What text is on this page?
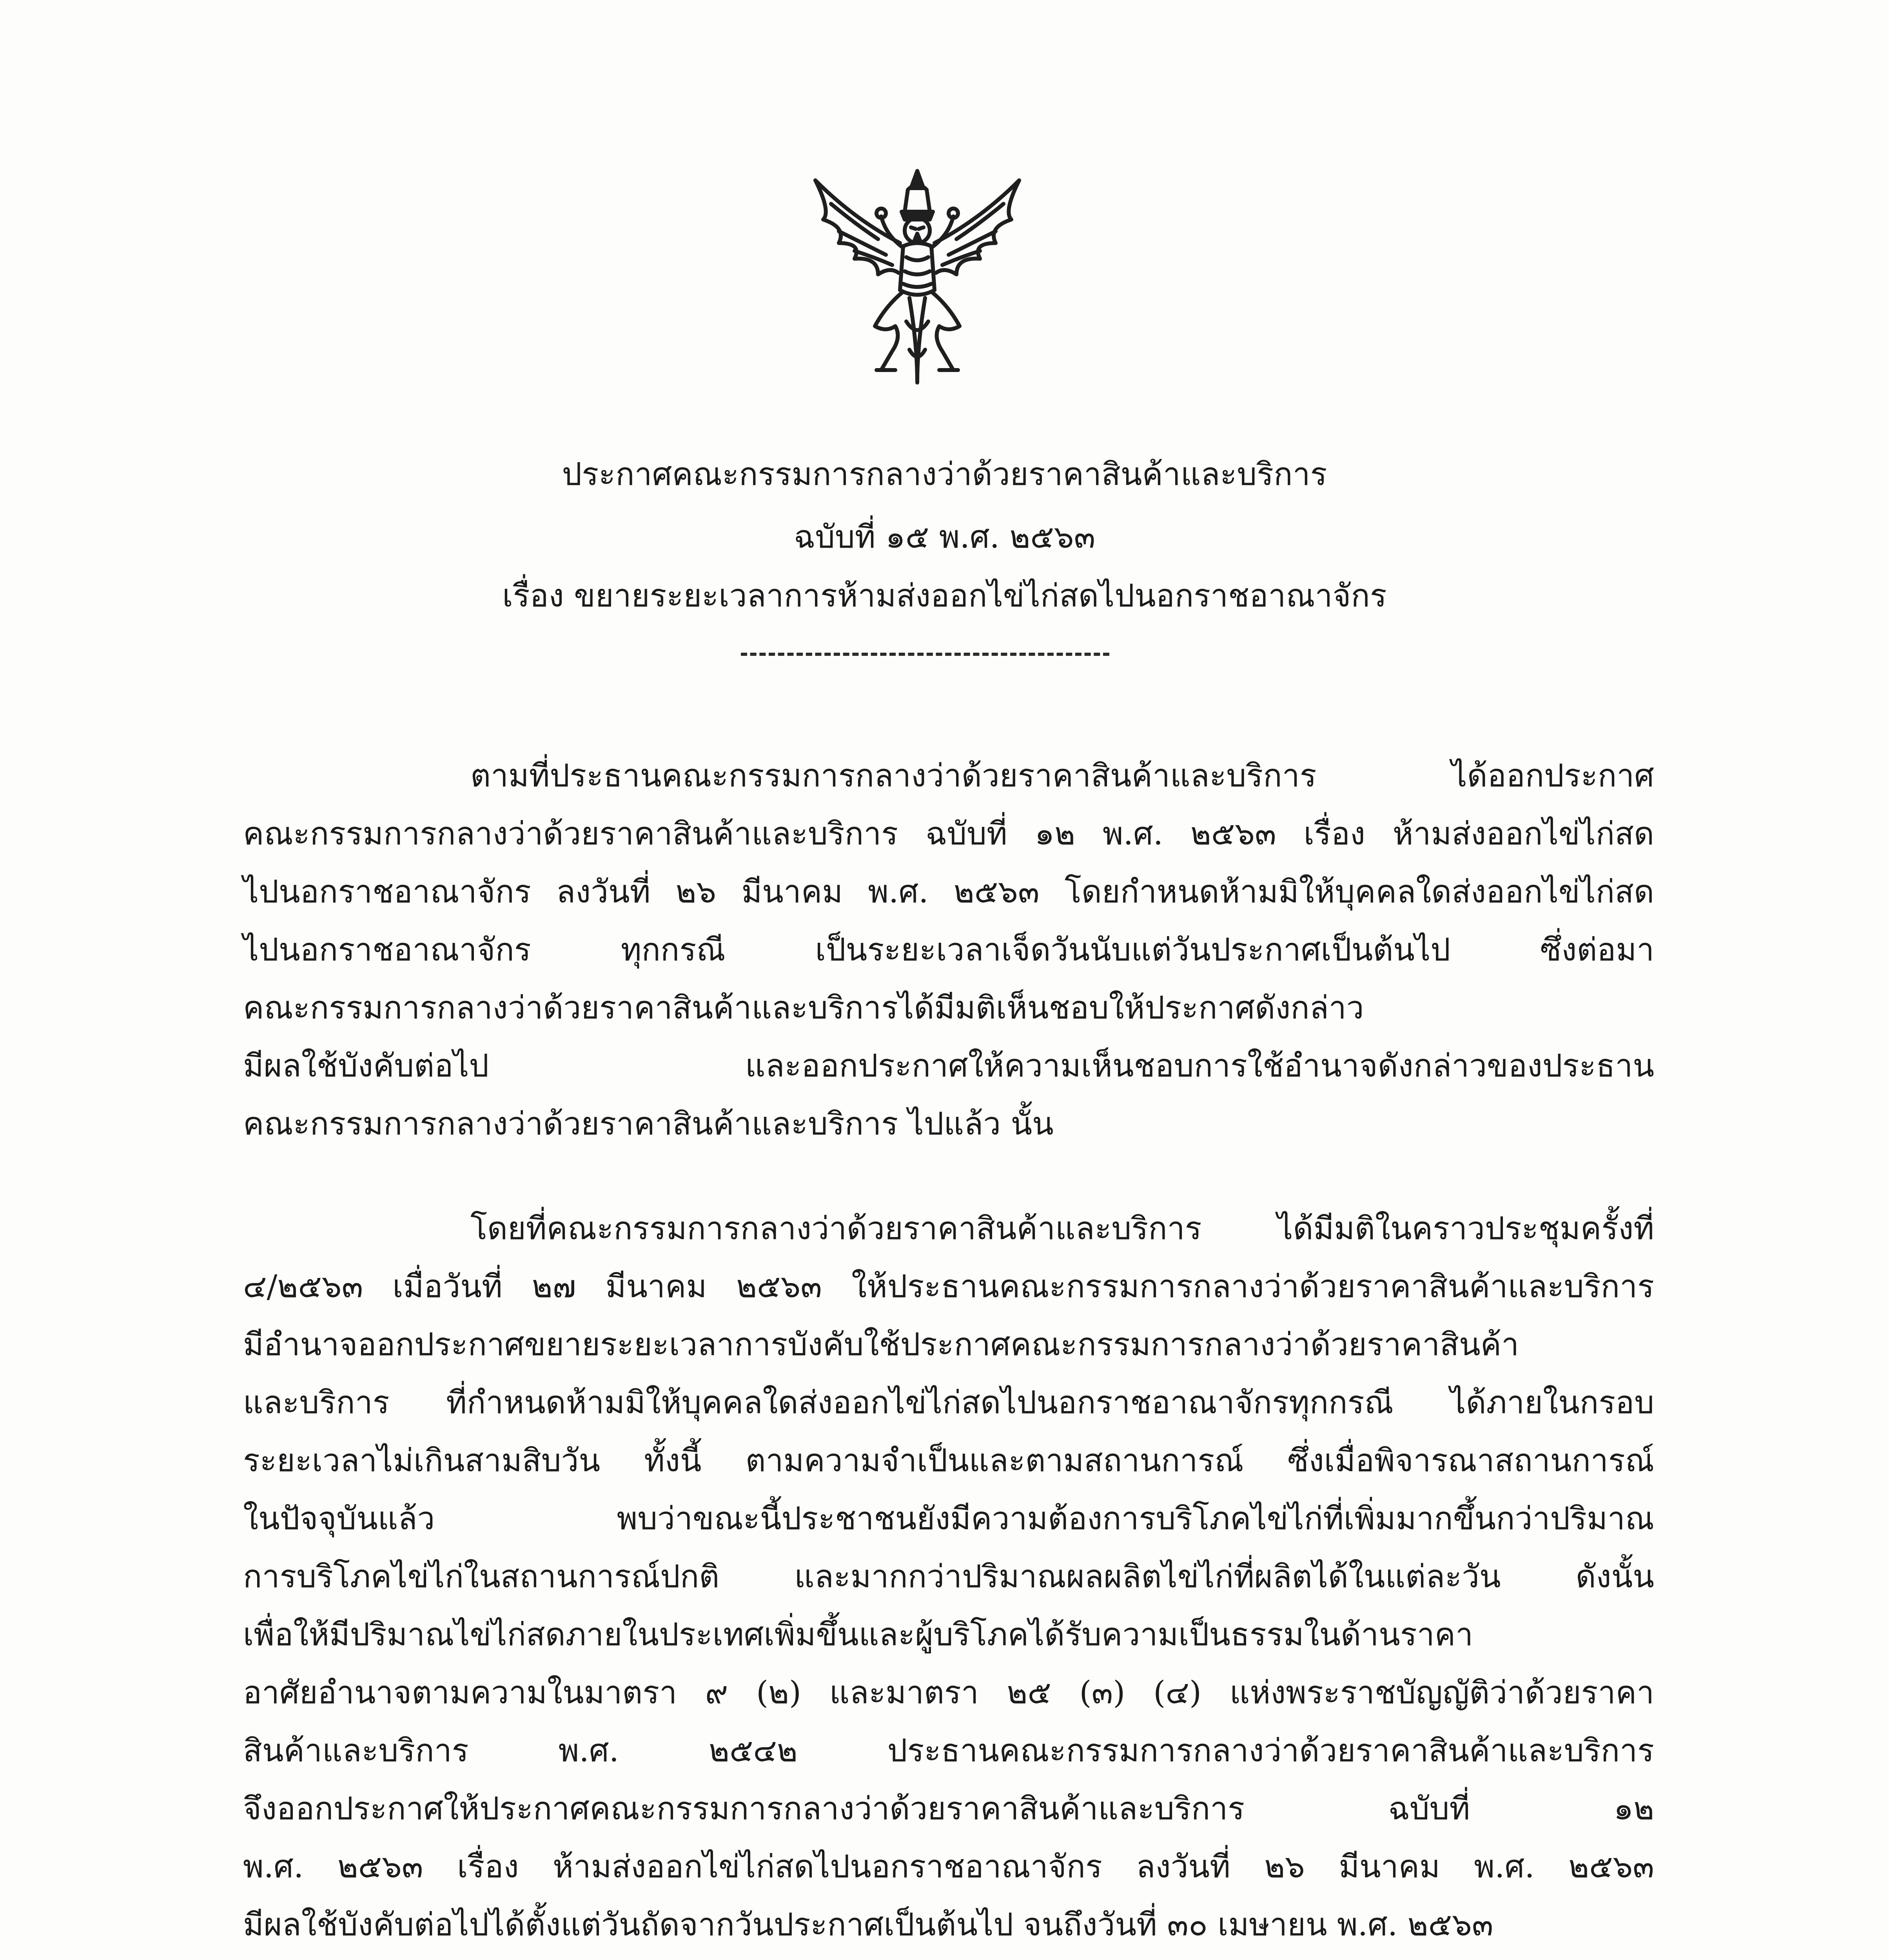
ประกาศคณะกรรมการกลางว่าด้วยราคาสินค้าและบริการ
ฉบับที่ ๑๕ พ.ศ. ๒๕๖๓
เรื่อง ขยายระยะเวลาการห้ามส่งออกไข่ไก่สดไปนอกราชอาณาจักร

ตามที่ประธานคณะกรรมการกลางว่าด้วยราคาสินค้าและบริการ ได้ออกประกาศ
คณะกรรมการกลางว่าด้วยราคาสินค้าและบริการ ฉบับที่ ๑๒ พ.ศ. ๒๕๖๓ เรื่อง ห้ามส่งออกไข่ไก่สด
ไปนอกราชอาณาจักร ลงวันที่ ๒๖ มีนาคม พ.ศ. ๒๕๖๓ โดยกำหนดห้ามมิให้บุคคลใดส่งออกไข่ไก่สด
ไปนอกราชอาณาจักร ทุกกรณี เป็นระยะเวลาเจ็ดวันนับแต่วันประกาศเป็นต้นไป ซึ่งต่อมา
คณะกรรมการกลางว่าด้วยราคาสินค้าและบริการได้มีมติเห็นชอบให้ประกาศดังกล่าว
มีผลใช้บังคับต่อไป และออกประกาศให้ความเห็นชอบการใช้อำนาจดังกล่าวของประธาน
คณะกรรมการกลางว่าด้วยราคาสินค้าและบริการ ไปแล้ว นั้น

โดยที่คณะกรรมการกลางว่าด้วยราคาสินค้าและบริการ ได้มีมติในคราวประชุมครั้งที่
๔/๒๕๖๓ เมื่อวันที่ ๒๗ มีนาคม ๒๕๖๓ ให้ประธานคณะกรรมการกลางว่าด้วยราคาสินค้าและบริการ
มีอำนาจออกประกาศขยายระยะเวลาการบังคับใช้ประกาศคณะกรรมการกลางว่าด้วยราคาสินค้า
และบริการ ที่กำหนดห้ามมิให้บุคคลใดส่งออกไข่ไก่สดไปนอกราชอาณาจักรทุกกรณี ได้ภายในกรอบ
ระยะเวลาไม่เกินสามสิบวัน ทั้งนี้ ตามความจำเป็นและตามสถานการณ์ ซึ่งเมื่อพิจารณาสถานการณ์
ในปัจจุบันแล้ว พบว่าขณะนี้ประชาชนยังมีความต้องการบริโภคไข่ไก่ที่เพิ่มมากขึ้นกว่าปริมาณ
การบริโภคไข่ไก่ในสถานการณ์ปกติ และมากกว่าปริมาณผลผลิตไข่ไก่ที่ผลิตได้ในแต่ละวัน ดังนั้น
เพื่อให้มีปริมาณไข่ไก่สดภายในประเทศเพิ่มขึ้นและผู้บริโภคได้รับความเป็นธรรมในด้านราคา
อาศัยอำนาจตามความในมาตรา ๙ (๒) และมาตรา ๒๕ (๓) (๔) แห่งพระราชบัญญัติว่าด้วยราคา
สินค้าและบริการ พ.ศ. ๒๕๔๒ ประธานคณะกรรมการกลางว่าด้วยราคาสินค้าและบริการ
จึงออกประกาศให้ประกาศคณะกรรมการกลางว่าด้วยราคาสินค้าและบริการ ฉบับที่ ๑๒
พ.ศ. ๒๕๖๓ เรื่อง ห้ามส่งออกไข่ไก่สดไปนอกราชอาณาจักร ลงวันที่ ๒๖ มีนาคม พ.ศ. ๒๕๖๓
มีผลใช้บังคับต่อไปได้ตั้งแต่วันถัดจากวันประกาศเป็นต้นไป จนถึงวันที่ ๓๐ เมษายน พ.ศ. ๒๕๖๓
